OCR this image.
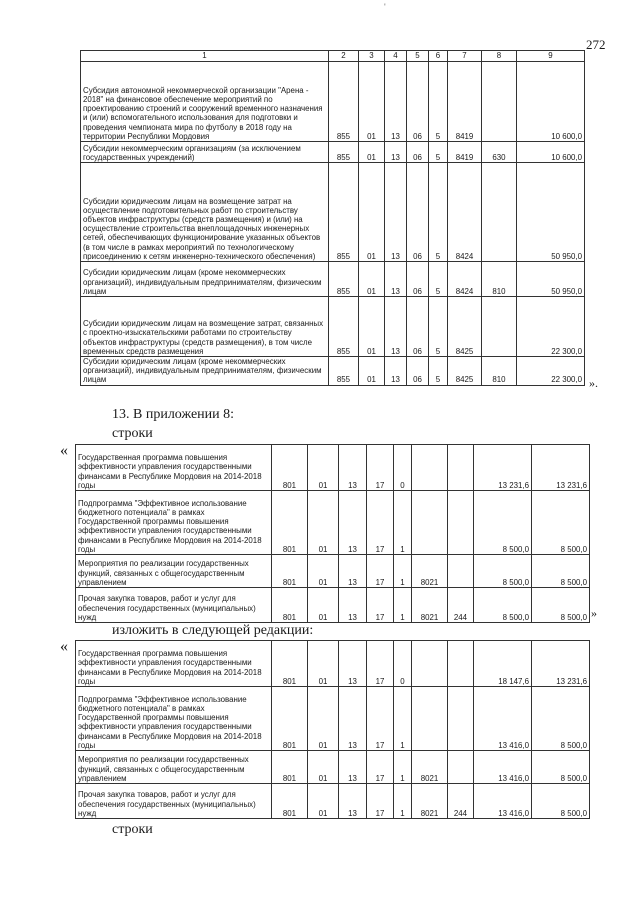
'
272
1	2	3	4	5	6	7	8	9
Субсидия автономной некоммерческой организации "Арена - 2018" на финансовое обеспечение мероприятий по проектированию строений и сооружений временного назначения и (или) вспомогательного использования для подготовки и проведения чемпионата мира по футболу в 2018 году на территории Республики Мордовия	855	01	13	06	5	8419		10 600,0
Субсидии некоммерческим организациям (за исключением государственных учреждений)	855	01	13	06	5	8419	630	10 600,0
Субсидии юридическим лицам на возмещение затрат на осуществление подготовительных работ по строительству объектов инфраструктуры (средств размещения) и (или) на осуществление строительства внеплощадочных инженерных сетей, обеспечивающих функционирование указанных объектов (в том числе в рамках мероприятий по технологическому присоединению к сетям инженерно-технического обеспечения)	855	01	13	06	5	8424		50 950,0
Субсидии юридическим лицам (кроме некоммерческих организаций), индивидуальным предпринимателям, физическим лицам	855	01	13	06	5	8424	810	50 950,0
Субсидии юридическим лицам на возмещение затрат, связанных с проектно-изыскательскими работами по строительству объектов инфраструктуры (средств размещения), в том числе временных средств размещения	855	01	13	06	5	8425		22 300,0
Субсидии юридическим лицам (кроме некоммерческих организаций), индивидуальным предпринимателям, физическим лицам	855	01	13	06	5	8425	810	22 300,0 ».
13. В приложении 8:
строки
« Государственная программа повышения эффективности управления государственными финансами в Республике Мордовия на 2014-2018 годы	801	01	13	17	0			13 231,6	13 231,6
Подпрограмма "Эффективное использование бюджетного потенциала" в рамках Государственной программы повышения эффективности управления государственными финансами в Республике Мордовия на 2014-2018 годы	801	01	13	17	1			8 500,0	8 500,0
Мероприятия по реализации государственных функций, связанных с общегосударственным управлением	801	01	13	17	1	8021		8 500,0	8 500,0
Прочая закупка товаров, работ и услуг для обеспечения государственных (муниципальных) нужд	801	01	13	17	1	8021	244	8 500,0	8 500,0 »
изложить в следующей редакции:
« Государственная программа повышения эффективности управления государственными финансами в Республике Мордовия на 2014-2018 годы	801	01	13	17	0			18 147,6	13 231,6
Подпрограмма "Эффективное использование бюджетного потенциала" в рамках Государственной программы повышения эффективности управления государственными финансами в Республике Мордовия на 2014-2018 годы	801	01	13	17	1			13 416,0	8 500,0
Мероприятия по реализации государственных функций, связанных с общегосударственным управлением	801	01	13	17	1	8021		13 416,0	8 500,0
Прочая закупка товаров, работ и услуг для обеспечения государственных (муниципальных) нужд	801	01	13	17	1	8021	244	13 416,0	8 500,0
строки
